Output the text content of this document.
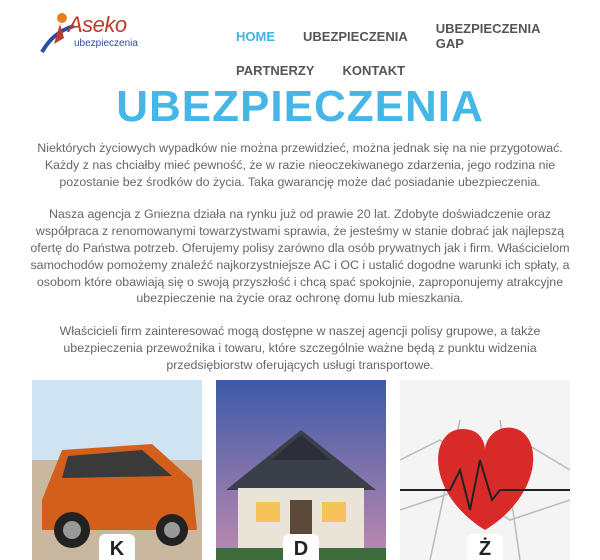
Aseko
ubezpieczenia	HOME	UBEZPIECZENIA	UBEZPIECZENIA GAP
PARTNERZY	KONTAKT
UBEZPIECZENIA

Niektórych życiowych wypadków nie można przewidzieć, można jednak się na nie przygotować. Każdy z nas chciałby mieć pewność, że w razie nieoczekiwanego zdarzenia, jego rodzina nie pozostanie bez środków do życia. Taka gwarancję może dać posiadanie ubezpieczenia.

Nasza agencja z Gniezna działa na rynku już od prawie 20 lat. Zdobyte doświadczenie oraz współpraca z renomowanymi towarzystwami sprawia, że jesteśmy w stanie dobrać jak najlepszą ofertę do Państwa potrzeb. Oferujemy polisy zarówno dla osób prywatnych jak i firm. Właścicielom samochodów pomożemy znaleźć najkorzystniejsze AC i OC i ustalić dogodne warunki ich spłaty, a osobom które obawiają się o swoją przyszłość i chcą spać spokojnie, zaproponujemy atrakcyjne ubezpieczenie na życie oraz ochronę domu lub mieszkania.

Właścicieli firm zainteresować mogą dostępne w naszej agencji polisy grupowe, a także ubezpieczenia przewoźnika i towaru, które szczególnie ważne będą z punktu widzenia przedsiębiorstw oferujących usługi transportowe.

K	D	Ż
